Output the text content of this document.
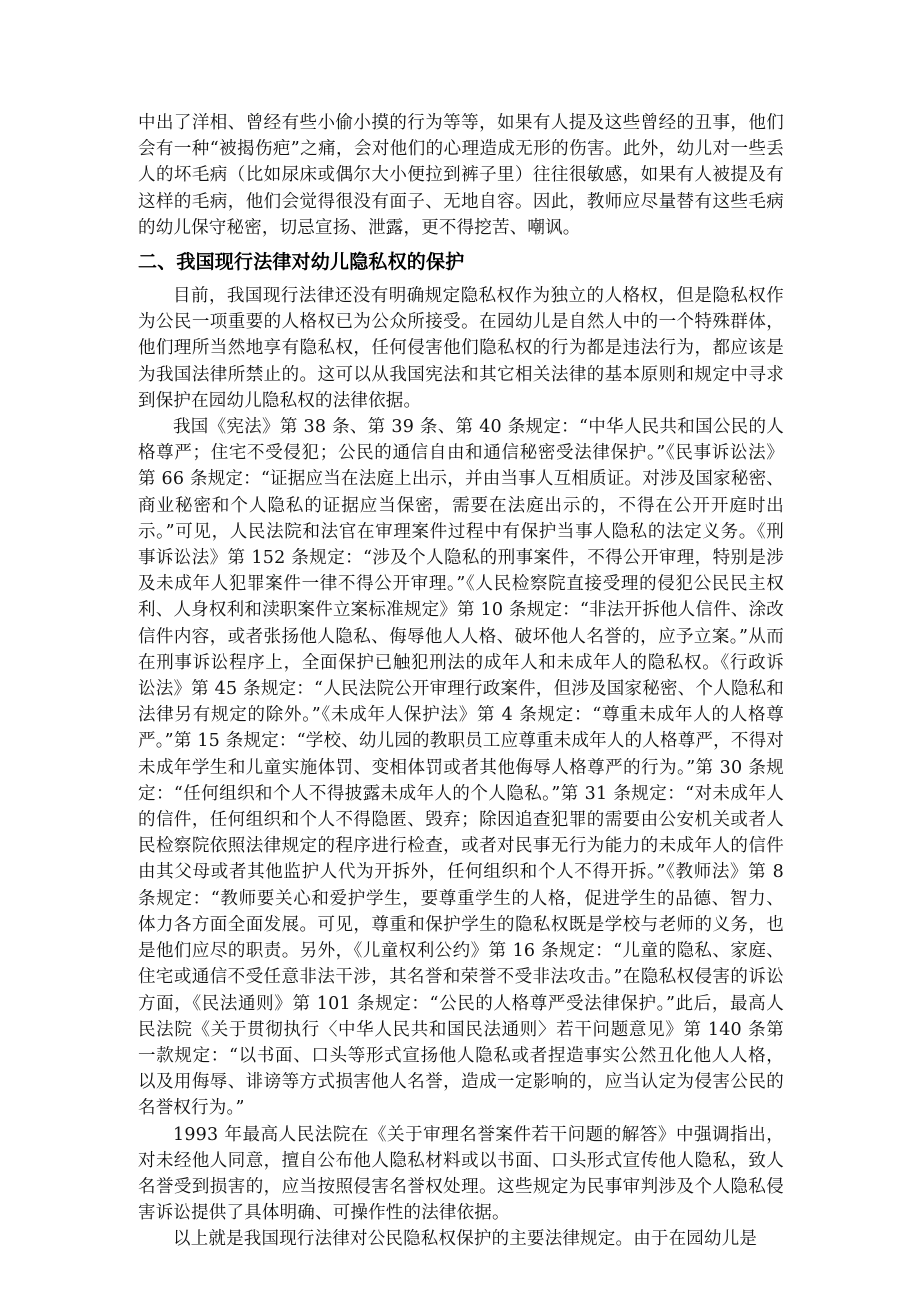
中出了洋相、曾经有些小偷小摸的行为等等，如果有人提及这些曾经的丑事，他们会有一种“被揭伤疤”之痛，会对他们的心理造成无形的伤害。此外，幼儿对一些丢人的坏毛病（比如尿床或偶尔大小便拉到裤子里）往往很敏感，如果有人被提及有这样的毛病，他们会觉得很没有面子、无地自容。因此，教师应尽量替有这些毛病的幼儿保守秘密，切忌宣扬、泄露，更不得挖苦、嘲讽。

二、我国现行法律对幼儿隐私权的保护

目前，我国现行法律还没有明确规定隐私权作为独立的人格权，但是隐私权作为公民一项重要的人格权已为公众所接受。在园幼儿是自然人中的一个特殊群体，他们理所当然地享有隐私权，任何侵害他们隐私权的行为都是违法行为，都应该是为我国法律所禁止的。这可以从我国宪法和其它相关法律的基本原则和规定中寻求到保护在园幼儿隐私权的法律依据。

我国《宪法》第 38 条、第 39 条、第 40 条规定：“中华人民共和国公民的人格尊严；住宅不受侵犯；公民的通信自由和通信秘密受法律保护。”《民事诉讼法》第 66 条规定：“证据应当在法庭上出示，并由当事人互相质证。对涉及国家秘密、商业秘密和个人隐私的证据应当保密，需要在法庭出示的，不得在公开开庭时出示。”可见，人民法院和法官在审理案件过程中有保护当事人隐私的法定义务。《刑事诉讼法》第 152 条规定：“涉及个人隐私的刑事案件，不得公开审理，特别是涉及未成年人犯罪案件一律不得公开审理。”《人民检察院直接受理的侵犯公民民主权利、人身权利和渎职案件立案标准规定》第 10 条规定：“非法开拆他人信件、涂改信件内容，或者张扬他人隐私、侮辱他人人格、破坏他人名誉的，应予立案。”从而在刑事诉讼程序上，全面保护已触犯刑法的成年人和未成年人的隐私权。《行政诉讼法》第 45 条规定：“人民法院公开审理行政案件，但涉及国家秘密、个人隐私和法律另有规定的除外。”《未成年人保护法》第 4 条规定：“尊重未成年人的人格尊严。”第 15 条规定：“学校、幼儿园的教职员工应尊重未成年人的人格尊严，不得对未成年学生和儿童实施体罚、变相体罚或者其他侮辱人格尊严的行为。”第 30 条规定：“任何组织和个人不得披露未成年人的个人隐私。”第 31 条规定：“对未成年人的信件，任何组织和个人不得隐匿、毁弃；除因追查犯罪的需要由公安机关或者人民检察院依照法律规定的程序进行检查，或者对民事无行为能力的未成年人的信件由其父母或者其他监护人代为开拆外，任何组织和个人不得开拆。”《教师法》第 8 条规定：“教师要关心和爱护学生，要尊重学生的人格，促进学生的品德、智力、体力各方面全面发展。可见，尊重和保护学生的隐私权既是学校与老师的义务，也是他们应尽的职责。另外，《儿童权利公约》第 16 条规定：“儿童的隐私、家庭、住宅或通信不受任意非法干涉，其名誉和荣誉不受非法攻击。”在隐私权侵害的诉讼方面，《民法通则》第 101 条规定：“公民的人格尊严受法律保护。”此后，最高人民法院《关于贯彻执行〈中华人民共和国民法通则〉若干问题意见》第 140 条第一款规定：“以书面、口头等形式宣扬他人隐私或者捏造事实公然丑化他人人格，以及用侮辱、诽谤等方式损害他人名誉，造成一定影响的，应当认定为侵害公民的名誉权行为。”

1993 年最高人民法院在《关于审理名誉案件若干问题的解答》中强调指出，对未经他人同意，擅自公布他人隐私材料或以书面、口头形式宣传他人隐私，致人名誉受到损害的，应当按照侵害名誉权处理。这些规定为民事审判涉及个人隐私侵害诉讼提供了具体明确、可操作性的法律依据。

以上就是我国现行法律对公民隐私权保护的主要法律规定。由于在园幼儿是
